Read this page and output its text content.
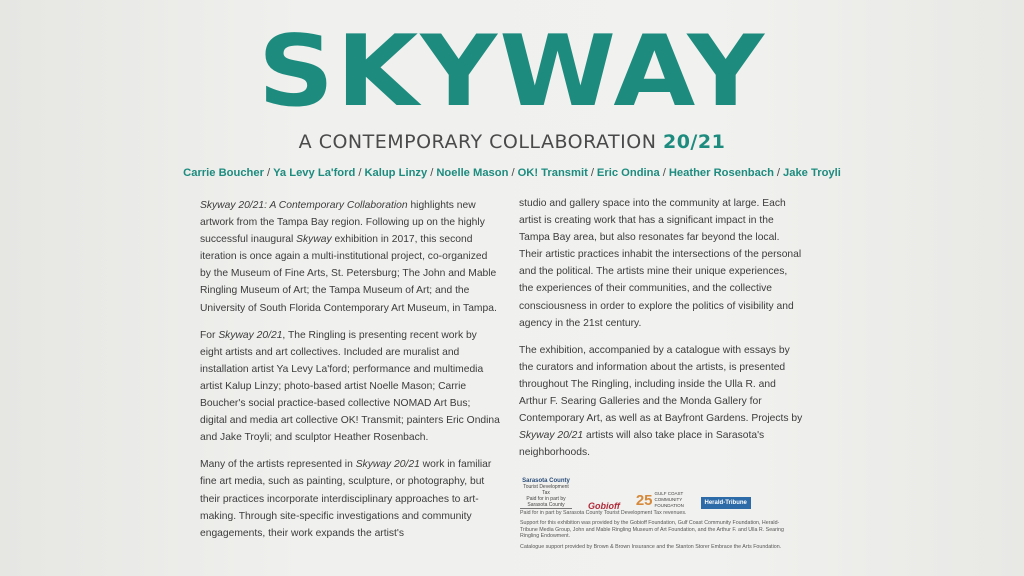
SKYWAY
A CONTEMPORARY COLLABORATION 20/21
Carrie Boucher / Ya Levy La'ford / Kalup Linzy / Noelle Mason / OK! Transmit / Eric Ondina / Heather Rosenbach / Jake Troyli

Skyway 20/21: A Contemporary Collaboration highlights new artwork from the Tampa Bay region. Following up on the highly successful inaugural Skyway exhibition in 2017, this second iteration is once again a multi-institutional project, co-organized by the Museum of Fine Arts, St. Petersburg; The John and Mable Ringling Museum of Art; the Tampa Museum of Art; and the University of South Florida Contemporary Art Museum, in Tampa.

For Skyway 20/21, The Ringling is presenting recent work by eight artists and art collectives. Included are muralist and installation artist Ya Levy La'ford; performance and multimedia artist Kalup Linzy; photo-based artist Noelle Mason; Carrie Boucher's social practice-based collective NOMAD Art Bus; digital and media art collective OK! Transmit; painters Eric Ondina and Jake Troyli; and sculptor Heather Rosenbach.

Many of the artists represented in Skyway 20/21 work in familiar fine art media, such as painting, sculpture, or photography, but their practices incorporate interdisciplinary approaches to art-making. Through site-specific investigations and community engagements, their work expands the artist's

studio and gallery space into the community at large. Each artist is creating work that has a significant impact in the Tampa Bay area, but also resonates far beyond the local. Their artistic practices inhabit the intersections of the personal and the political. The artists mine their unique experiences, the experiences of their communities, and the collective consciousness in order to explore the politics of visibility and agency in the 21st century.

The exhibition, accompanied by a catalogue with essays by the curators and information about the artists, is presented throughout The Ringling, including inside the Ulla R. and Arthur F. Searing Galleries and the Monda Gallery for Contemporary Art, as well as at Bayfront Gardens. Projects by Skyway 20/21 artists will also take place in Sarasota's neighborhoods.

Sarasota County
Tourist Development Tax
Paid for in part by Sarasota County	Gobioff 25 GULF COAST COMMUNITY FOUNDATION	Herald-Tribune
Paid for in part by Sarasota County Tourist Development Tax revenues.
Support for this exhibition was provided by the Gobioff Foundation, Gulf Coast Community Foundation, Herald-Tribune Media Group, John and Mable Ringling Museum of Art Foundation, and the Arthur F. and Ulla R. Searing Ringling Endowment.
Catalogue support provided by Brown & Brown Insurance and the Stanton Storer Embrace the Arts Foundation.
